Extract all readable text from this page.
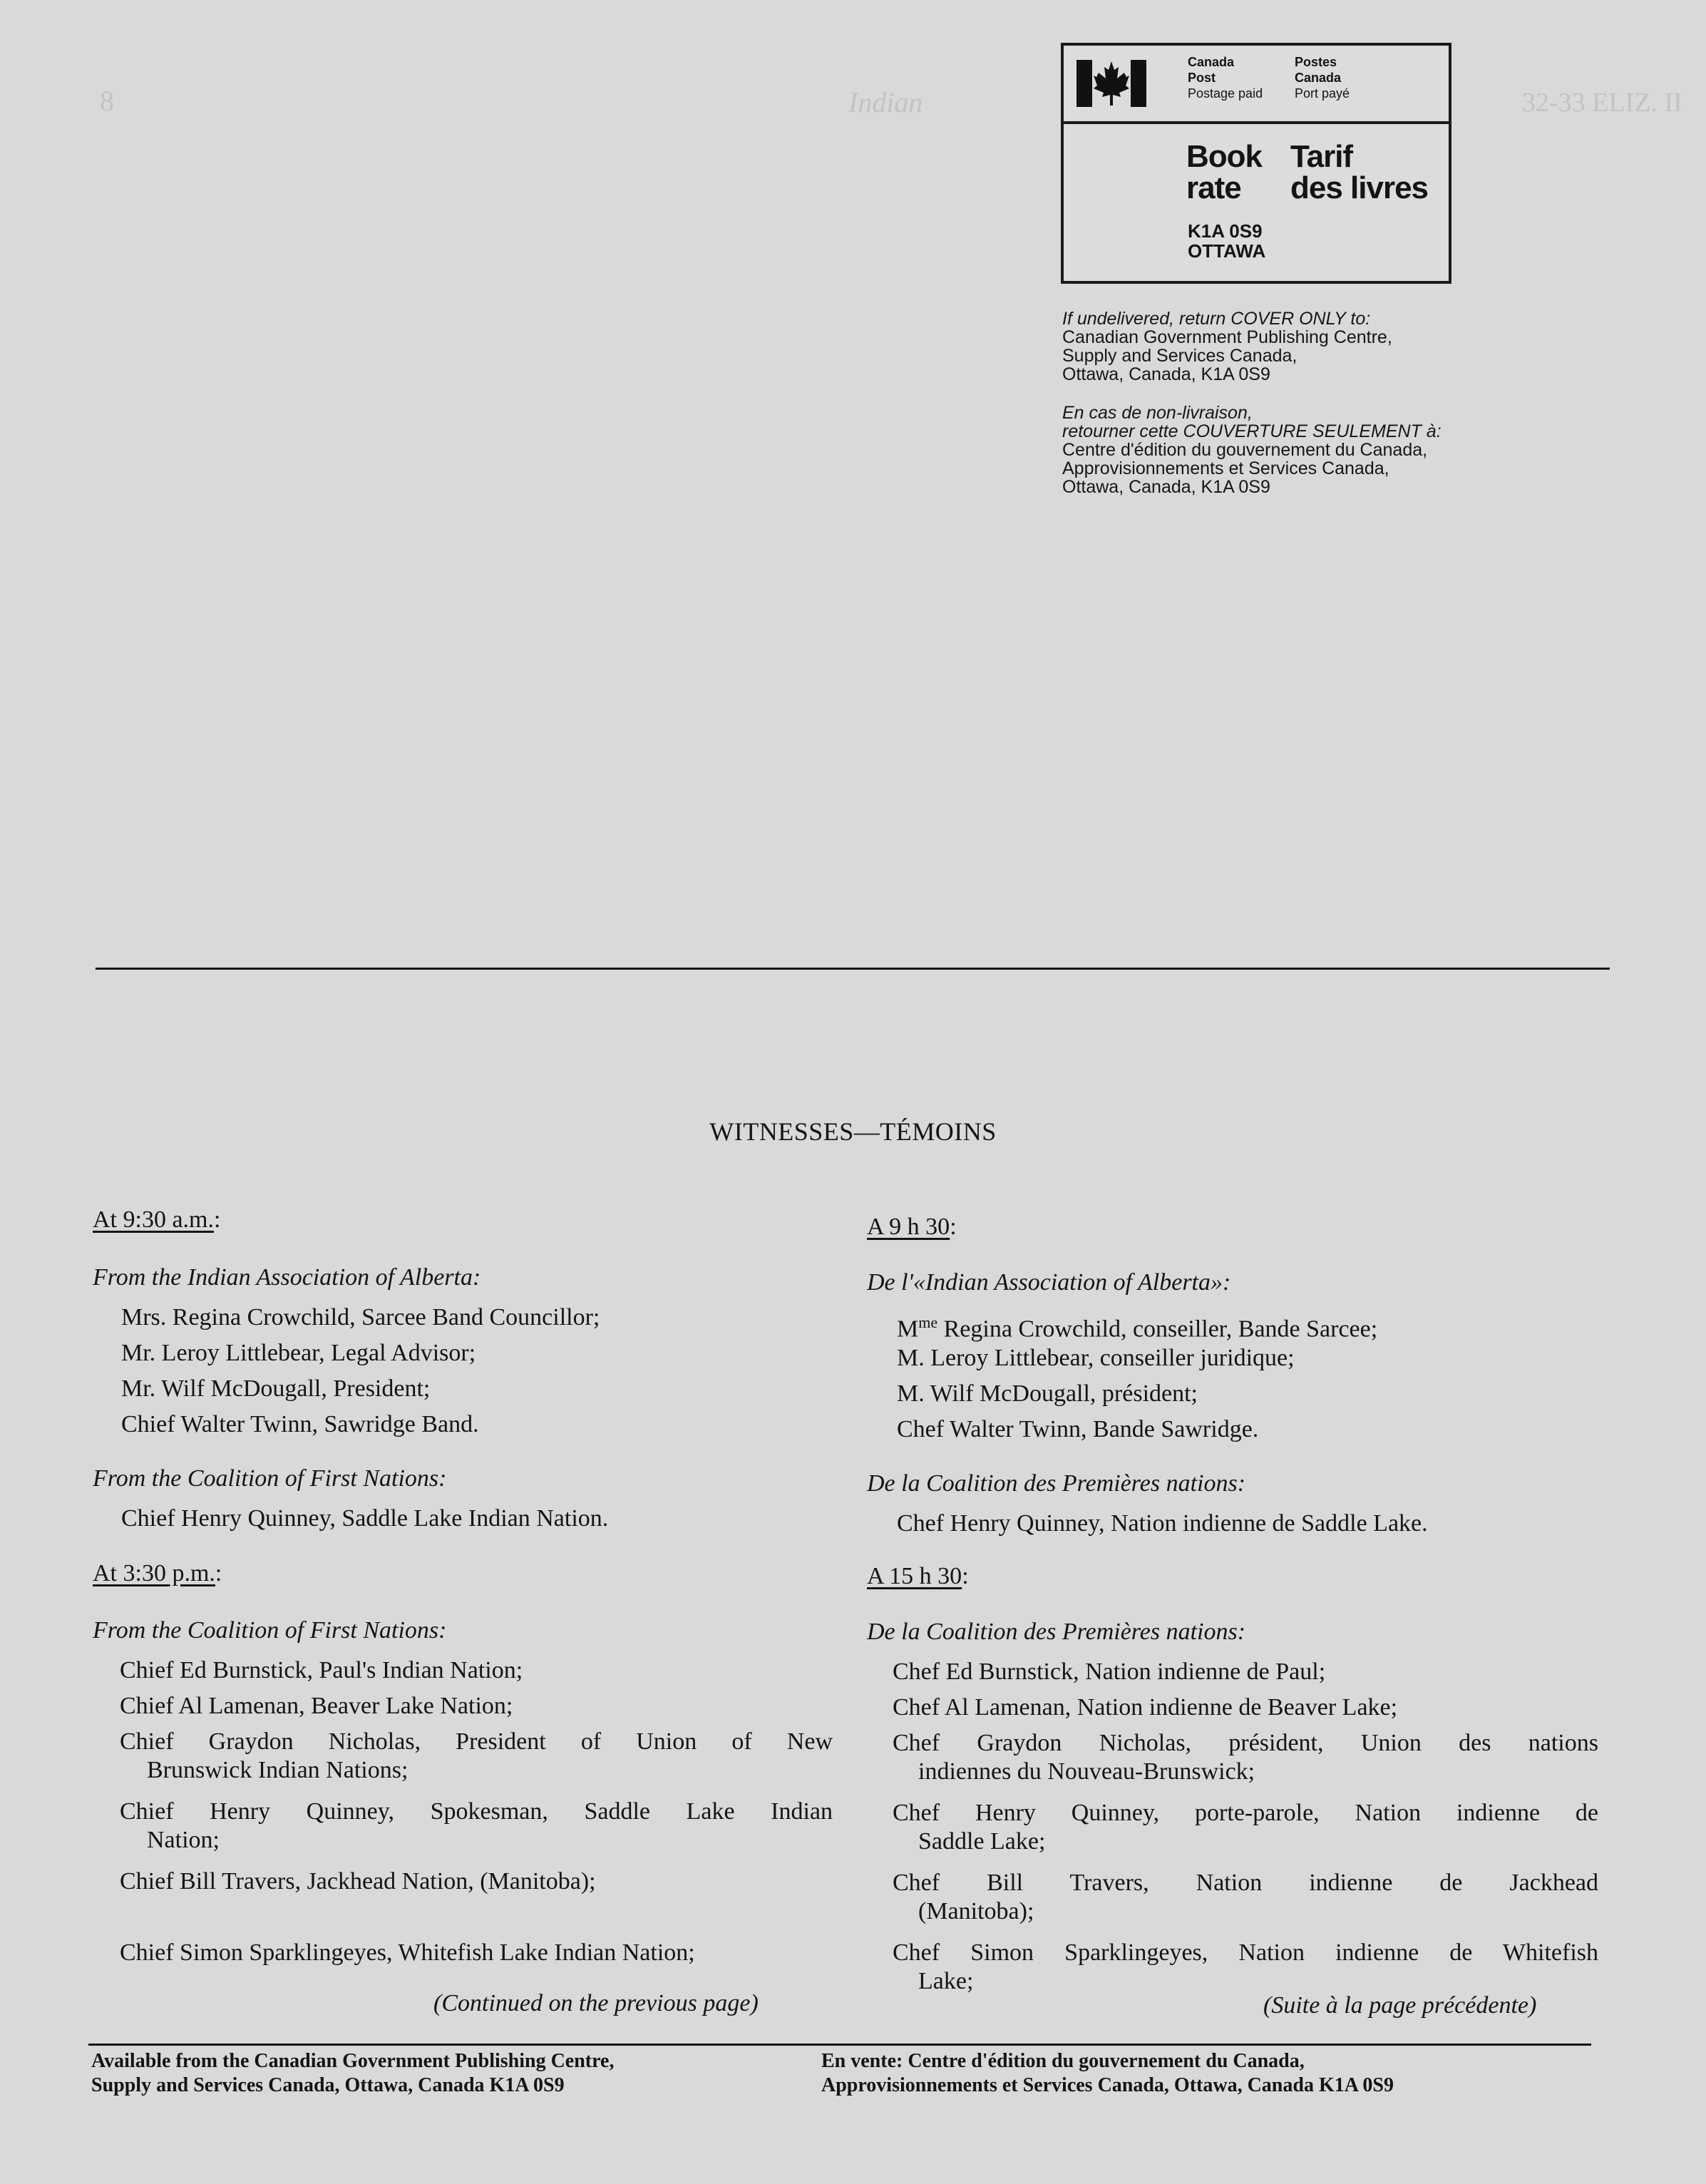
8	Indian	32-33 ELIZ. II
Canada
Post
Postage paid
Postes
Canada
Port payé
Book
rate
Tarif
des livres
K1A 0S9
OTTAWA
If undelivered, return COVER ONLY to:
Canadian Government Publishing Centre,
Supply and Services Canada,
Ottawa, Canada, K1A 0S9
En cas de non-livraison,
retourner cette COUVERTURE SEULEMENT à:
Centre d'édition du gouvernement du Canada,
Approvisionnements et Services Canada,
Ottawa, Canada, K1A 0S9
WITNESSES—TÉMOINS
At 9:30 a.m.:
From the Indian Association of Alberta:
Mrs. Regina Crowchild, Sarcee Band Councillor;
Mr. Leroy Littlebear, Legal Advisor;
Mr. Wilf McDougall, President;
Chief Walter Twinn, Sawridge Band.
From the Coalition of First Nations:
Chief Henry Quinney, Saddle Lake Indian Nation.
At 3:30 p.m.:
From the Coalition of First Nations:
Chief Ed Burnstick, Paul's Indian Nation;
Chief Al Lamenan, Beaver Lake Nation;
Chief Graydon Nicholas, President of Union of New
Brunswick Indian Nations;
Chief Henry Quinney, Spokesman, Saddle Lake Indian
Nation;
Chief Bill Travers, Jackhead Nation, (Manitoba);
Chief Simon Sparklingeyes, Whitefish Lake Indian Nation;
(Continued on the previous page)
A 9 h 30:
De l'«Indian Association of Alberta»:
$M^{me}$ Regina Crowchild, conseiller, Bande Sarcee;
M. Leroy Littlebear, conseiller juridique;
M. Wilf McDougall, président;
Chef Walter Twinn, Bande Sawridge.
De la Coalition des Premières nations:
Chef Henry Quinney, Nation indienne de Saddle Lake.
A 15 h 30:
De la Coalition des Premières nations:
Chef Ed Burnstick, Nation indienne de Paul;
Chef Al Lamenan, Nation indienne de Beaver Lake;
Chef Graydon Nicholas, président, Union des nations
indiennes du Nouveau-Brunswick;
Chef Henry Quinney, porte-parole, Nation indienne de
Saddle Lake;
Chef Bill Travers, Nation indienne de Jackhead
(Manitoba);
Chef Simon Sparklingeyes, Nation indienne de Whitefish
Lake;
(Suite à la page précédente)
Available from the Canadian Government Publishing Centre,
Supply and Services Canada, Ottawa, Canada K1A 0S9
En vente: Centre d'édition du gouvernement du Canada,
Approvisionnements et Services Canada, Ottawa, Canada K1A 0S9
